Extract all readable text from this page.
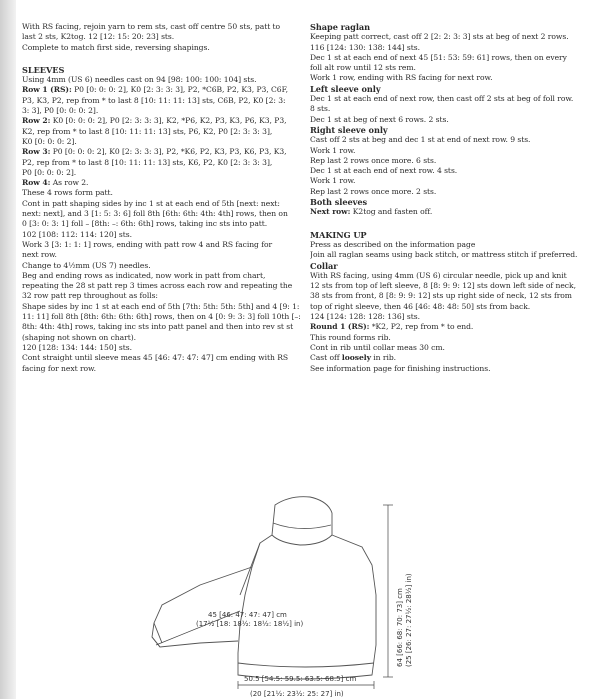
With RS facing, rejoin yarn to rem sts, cast off centre 50 sts, patt to
last 2 sts, K2tog. 12 [12: 15: 20: 23] sts.
Complete to match first side, reversing shapings.
SLEEVES
Using 4mm (US 6) needles cast on 94 [98: 100: 100: 104] sts.
Row 1 (RS): P0 [0: 0: 0: 2], K0 [2: 3: 3: 3], P2, *C6B, P2, K3, P3, C6F,
P3, K3, P2, rep from * to last 8 [10: 11: 11: 13] sts, C6B, P2, K0 [2: 3:
3: 3], P0 [0: 0: 0: 2].
Row 2: K0 [0: 0: 0: 2], P0 [2: 3: 3: 3], K2, *P6, K2, P3, K3, P6, K3, P3,
K2, rep from * to last 8 [10: 11: 11: 13] sts, P6, K2, P0 [2: 3: 3: 3],
K0 [0: 0: 0: 2].
Row 3: P0 [0: 0: 0: 2], K0 [2: 3: 3: 3], P2, *K6, P2, K3, P3, K6, P3, K3,
P2, rep from * to last 8 [10: 11: 11: 13] sts, K6, P2, K0 [2: 3: 3: 3],
P0 [0: 0: 0: 2].
Row 4: As row 2.
These 4 rows form patt.
Cont in patt shaping sides by inc 1 st at each end of 5th [next: next:
next: next], and 3 [1: 5: 3: 6] foll 8th [6th: 6th: 4th: 4th] rows, then on
0 [3: 0: 3: 1] foll – [8th: –: 6th: 6th] rows, taking inc sts into patt.
102 [108: 112: 114: 120] sts.
Work 3 [3: 1: 1: 1] rows, ending with patt row 4 and RS facing for
next row.
Change to 4½mm (US 7) needles.
Beg and ending rows as indicated, now work in patt from chart,
repeating the 28 st patt rep 3 times across each row and repeating the
32 row patt rep throughout as folls:
Shape sides by inc 1 st at each end of 5th [7th: 5th: 5th: 5th] and 4 [9: 1:
11: 11] foll 8th [8th: 6th: 6th: 6th] rows, then on 4 [0: 9: 3: 3] foll 10th [–:
8th: 4th: 4th] rows, taking inc sts into patt panel and then into rev st st
(shaping not shown on chart).
120 [128: 134: 144: 150] sts.
Cont straight until sleeve meas 45 [46: 47: 47: 47] cm ending with RS
facing for next row.
Shape raglan
Keeping patt correct, cast off 2 [2: 2: 3: 3] sts at beg of next 2 rows.
116 [124: 130: 138: 144] sts.
Dec 1 st at each end of next 45 [51: 53: 59: 61] rows, then on every
foll alt row until 12 sts rem.
Work 1 row, ending with RS facing for next row.
Left sleeve only
Dec 1 st at each end of next row, then cast off 2 sts at beg of foll row.
8 sts.
Dec 1 st at beg of next 6 rows. 2 sts.
Right sleeve only
Cast off 2 sts at beg and dec 1 st at end of next row. 9 sts.
Work 1 row.
Rep last 2 rows once more. 6 sts.
Dec 1 st at each end of next row. 4 sts.
Work 1 row.
Rep last 2 rows once more. 2 sts.
Both sleeves
Next row: K2tog and fasten off.
MAKING UP
Press as described on the information page
Join all raglan seams using back stitch, or mattress stitch if preferred.
Collar
With RS facing, using 4mm (US 6) circular needle, pick up and knit
12 sts from top of left sleeve, 8 [8: 9: 9: 12] sts down left side of neck,
38 sts from front, 8 [8: 9: 9: 12] sts up right side of neck, 12 sts from
top of right sleeve, then 46 [46: 48: 48: 50] sts from back.
124 [124: 128: 128: 136] sts.
Round 1 (RS): *K2, P2, rep from * to end.
This round forms rib.
Cont in rib until collar meas 30 cm.
Cast off loosely in rib.
See information page for finishing instructions.
45 [46: 47: 47: 47] cm
(17½ [18: 18½: 18½: 18½] in)	64 [66: 68: 70: 73] cm (25 [26: 27: 27½: 28½] in)
50.5 [54.5: 59.5: 63.5: 68.5] cm
(20 [21½: 23½: 25: 27] in)
